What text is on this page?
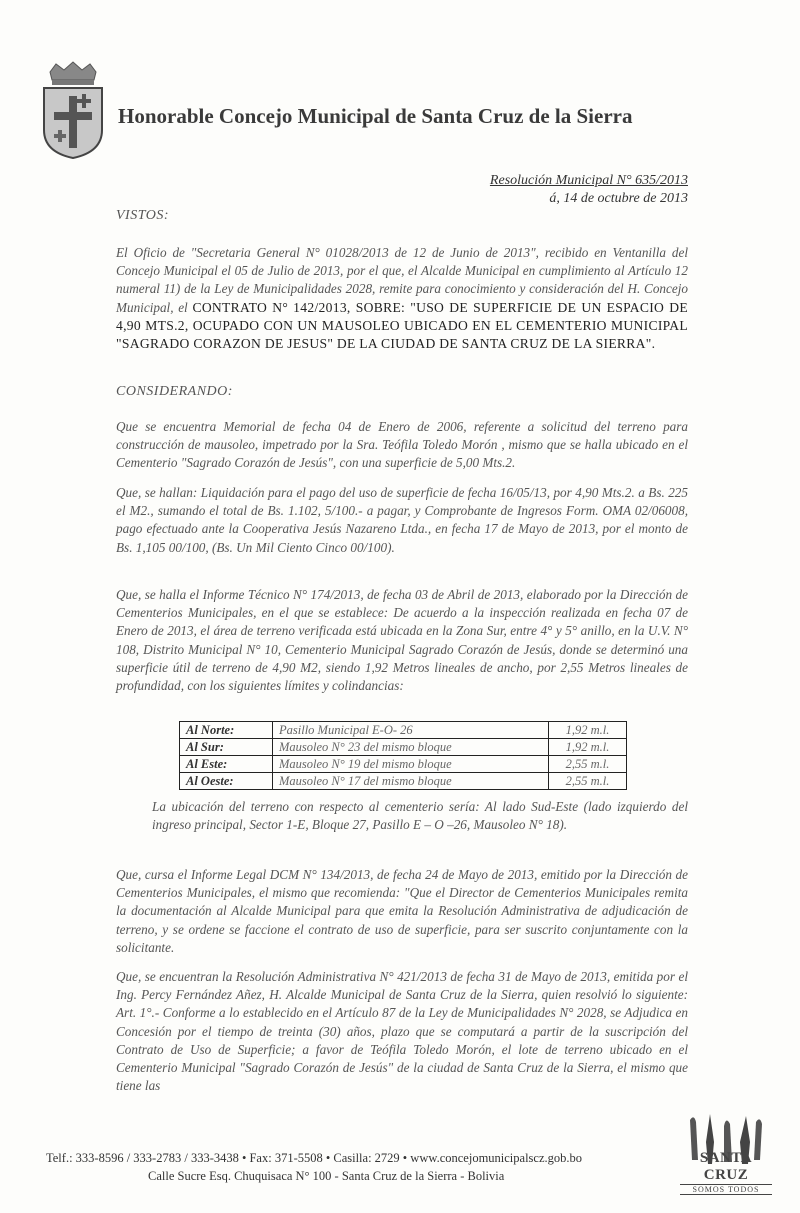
Honorable Concejo Municipal de Santa Cruz de la Sierra
Resolución Municipal N° 635/2013
á, 14 de octubre de 2013
VISTOS:
El Oficio de "Secretaria General N° 01028/2013 de 12 de Junio de 2013", recibido en Ventanilla del Concejo Municipal el 05 de Julio de 2013, por el que, el Alcalde Municipal en cumplimiento al Artículo 12 numeral 11) de la Ley de Municipalidades 2028, remite para conocimiento y consideración del H. Concejo Municipal, el CONTRATO N° 142/2013, SOBRE: "USO DE SUPERFICIE DE UN ESPACIO DE 4,90 MTS.2, OCUPADO CON UN MAUSOLEO UBICADO EN EL CEMENTERIO MUNICIPAL "SAGRADO CORAZON DE JESUS" DE LA CIUDAD DE SANTA CRUZ DE LA SIERRA".
CONSIDERANDO:
Que se encuentra Memorial de fecha 04 de Enero de 2006, referente a solicitud del terreno para construcción de mausoleo, impetrado por la Sra. Teófila Toledo Morón , mismo que se halla ubicado en el Cementerio "Sagrado Corazón de Jesús", con una superficie de 5,00 Mts.2.
Que, se hallan: Liquidación para el pago del uso de superficie de fecha 16/05/13, por 4,90 Mts.2. a Bs. 225 el M2., sumando el total de Bs. 1.102, 5/100.- a pagar, y Comprobante de Ingresos Form. OMA 02/06008, pago efectuado ante la Cooperativa Jesús Nazareno Ltda., en fecha 17 de Mayo de 2013, por el monto de Bs. 1,105 00/100, (Bs. Un Mil Ciento Cinco 00/100).
Que, se halla el Informe Técnico N° 174/2013, de fecha 03 de Abril de 2013, elaborado por la Dirección de Cementerios Municipales, en el que se establece: De acuerdo a la inspección realizada en fecha 07 de Enero de 2013, el área de terreno verificada está ubicada en la Zona Sur, entre 4° y 5° anillo, en la U.V. N° 108, Distrito Municipal N° 10, Cementerio Municipal Sagrado Corazón de Jesús, donde se determinó una superficie útil de terreno de 4,90 M2, siendo 1,92 Metros lineales de ancho, por 2,55 Metros lineales de profundidad, con los siguientes límites y colindancias:
Al Norte:	Pasillo Municipal E-O- 26	1,92 m.l.
Al Sur:	Mausoleo N° 23 del mismo bloque	1,92 m.l.
Al Este:	Mausoleo N° 19 del mismo bloque	2,55 m.l.
Al Oeste:	Mausoleo N° 17 del mismo bloque	2,55 m.l.
La ubicación del terreno con respecto al cementerio sería: Al lado Sud-Este (lado izquierdo del ingreso principal, Sector 1-E, Bloque 27, Pasillo E – O –26, Mausoleo N° 18).
Que, cursa el Informe Legal DCM N° 134/2013, de fecha 24 de Mayo de 2013, emitido por la Dirección de Cementerios Municipales, el mismo que recomienda: "Que el Director de Cementerios Municipales remita la documentación al Alcalde Municipal para que emita la Resolución Administrativa de adjudicación de terreno, y se ordene se faccione el contrato de uso de superficie, para ser suscrito conjuntamente con la solicitante.
Que, se encuentran la Resolución Administrativa N° 421/2013 de fecha 31 de Mayo de 2013, emitida por el Ing. Percy Fernández Añez, H. Alcalde Municipal de Santa Cruz de la Sierra, quien resolvió lo siguiente: Art. 1°.- Conforme a lo establecido en el Artículo 87 de la Ley de Municipalidades N° 2028, se Adjudica en Concesión por el tiempo de treinta (30) años, plazo que se computará a partir de la suscripción del Contrato de Uso de Superficie; a favor de Teófila Toledo Morón, el lote de terreno ubicado en el Cementerio Municipal "Sagrado Corazón de Jesús" de la ciudad de Santa Cruz de la Sierra, el mismo que tiene las
Telf.: 333-8596 / 333-2783 / 333-3438 • Fax: 371-5508 • Casilla: 2729 • www.concejomunicipalscz.gob.bo
Calle Sucre Esq. Chuquisaca N° 100 - Santa Cruz de la Sierra - Bolivia
SANTA CRUZ
SOMOS TODOS
